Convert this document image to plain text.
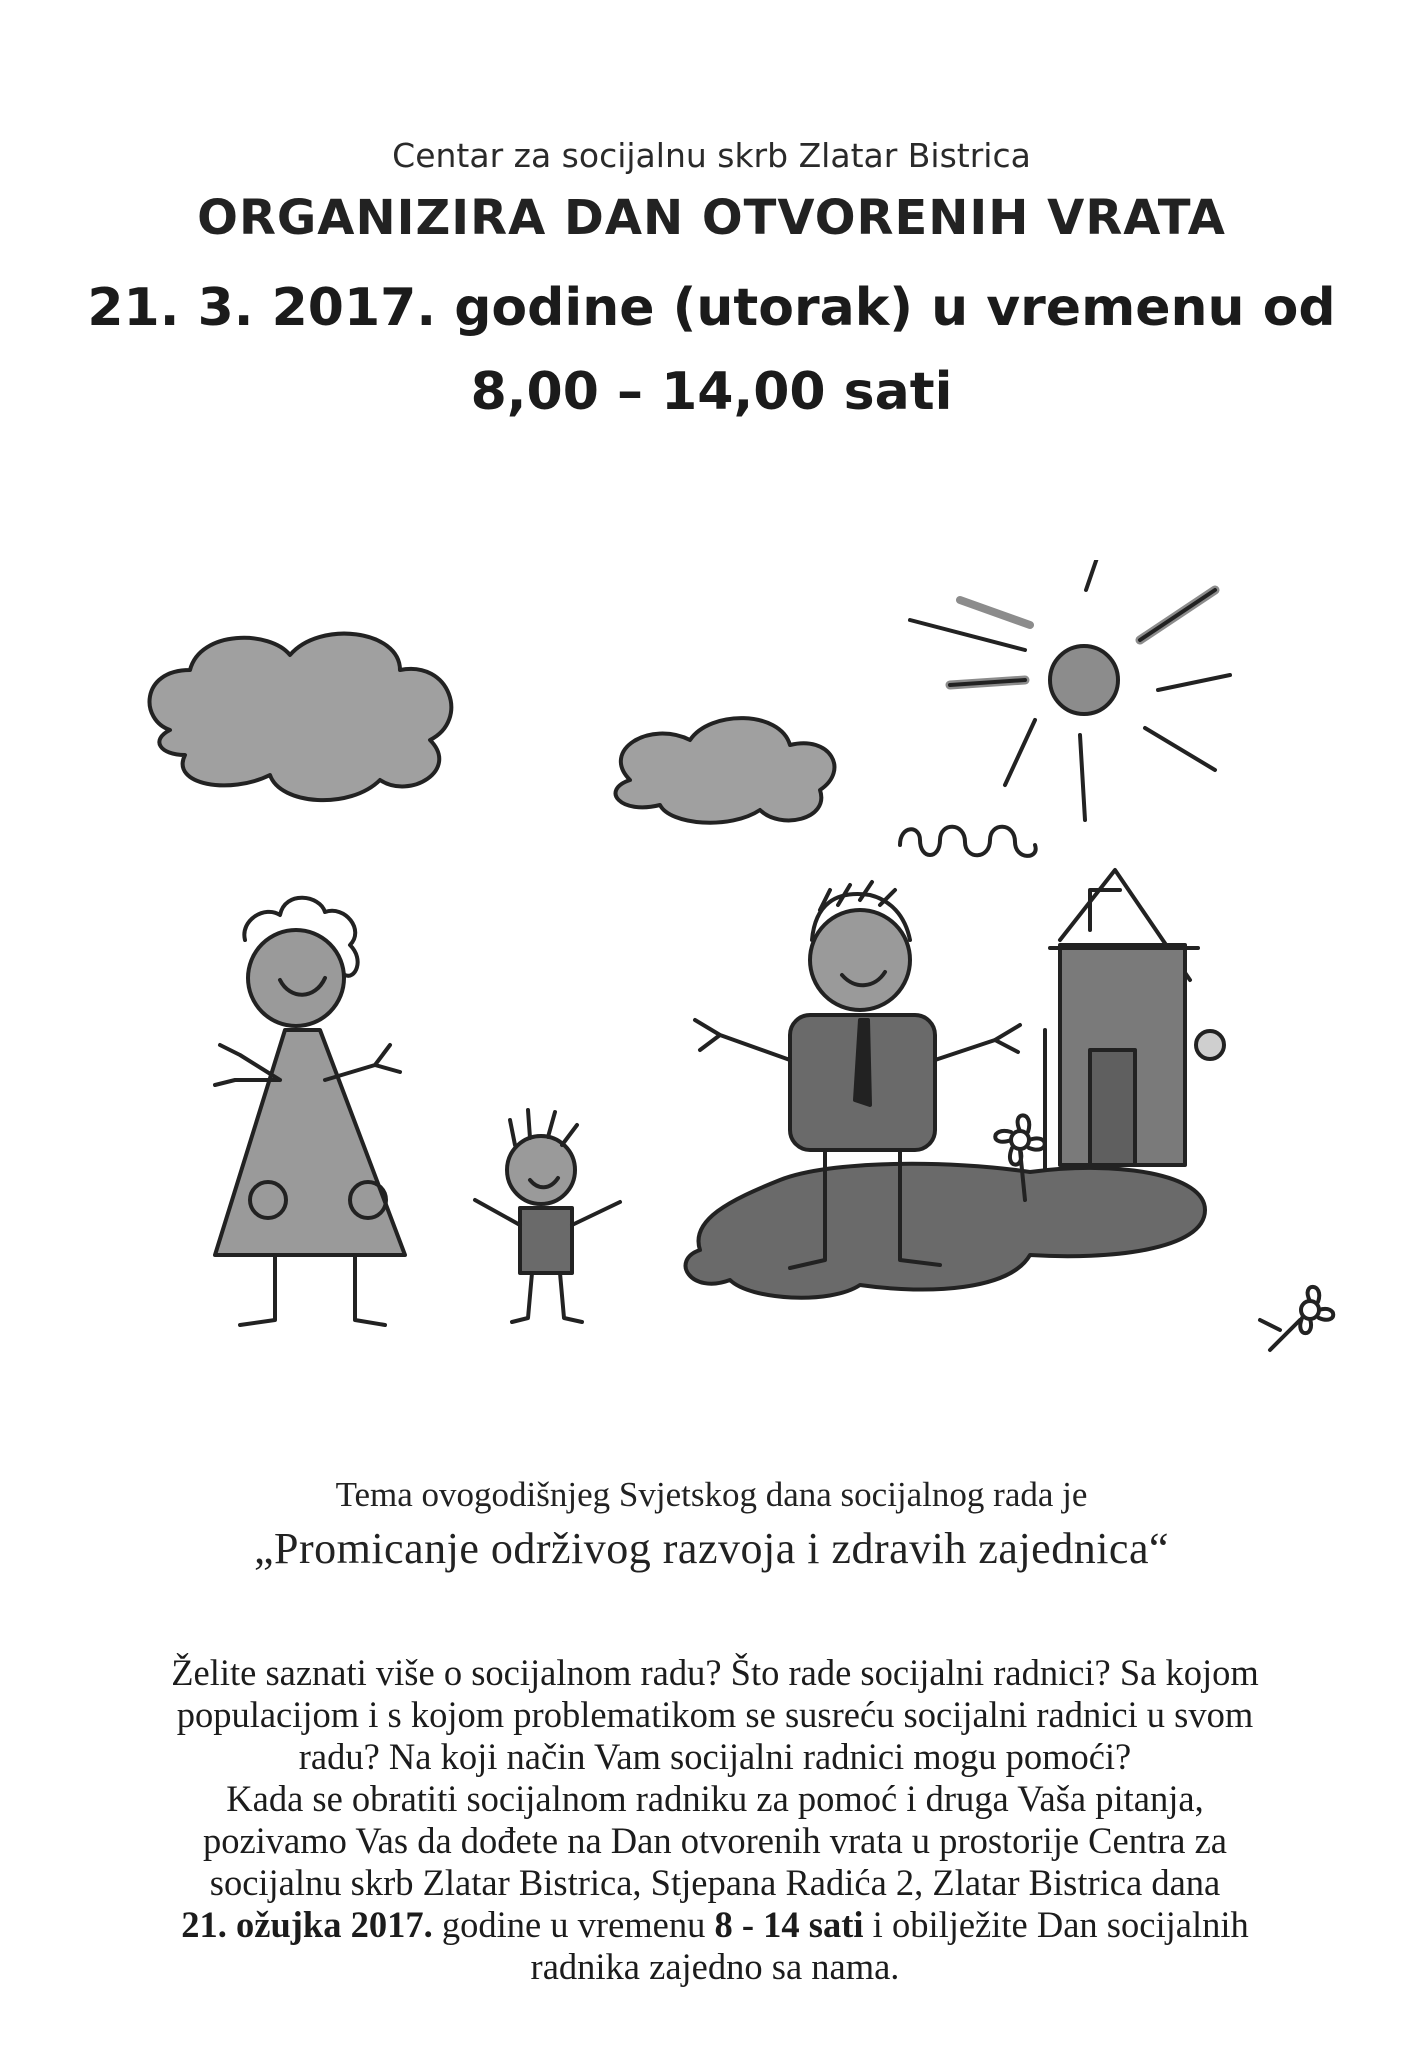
Centar za socijalnu skrb Zlatar Bistrica
ORGANIZIRA DAN OTVORENIH VRATA
21. 3. 2017. godine (utorak) u vremenu od
8,00 – 14,00 sati
Tema ovogodišnjeg Svjetskog dana socijalnog rada je
„Promicanje održivog razvoja i zdravih zajednica“
Želite saznati više o socijalnom radu? Što rade socijalni radnici? Sa kojom
populacijom i s kojom problematikom se susreću socijalni radnici u svom
radu? Na koji način Vam socijalni radnici mogu pomoći?
Kada se obratiti socijalnom radniku za pomoć i druga Vaša pitanja,
pozivamo Vas da dođete na Dan otvorenih vrata u prostorije Centra za
socijalnu skrb Zlatar Bistrica, Stjepana Radića 2, Zlatar Bistrica dana
21. ožujka 2017. godine u vremenu 8 - 14 sati i obilježite Dan socijalnih
radnika zajedno sa nama.
